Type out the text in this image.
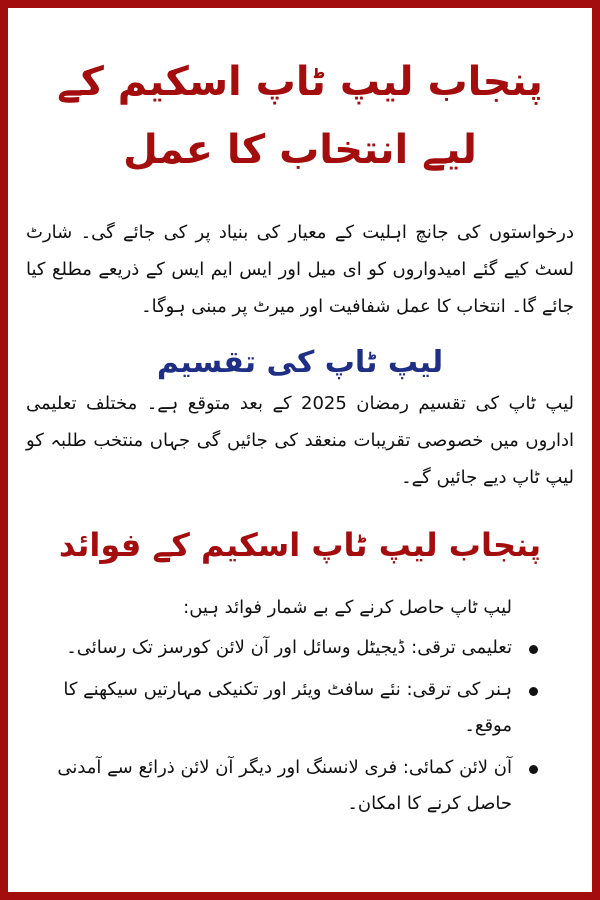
پنجاب لیپ ٹاپ اسکیم کے لیے انتخاب کا عمل

درخواستوں کی جانچ اہلیت کے معیار کی بنیاد پر کی جائے گی۔ شارٹ لسٹ کیے گئے امیدواروں کو ای میل اور ایس ایم ایس کے ذریعے مطلع کیا جائے گا۔ انتخاب کا عمل شفافیت اور میرٹ پر مبنی ہوگا۔

لیپ ٹاپ کی تقسیم

لیپ ٹاپ کی تقسیم رمضان 2025 کے بعد متوقع ہے۔ مختلف تعلیمی اداروں میں خصوصی تقریبات منعقد کی جائیں گی جہاں منتخب طلبہ کو لیپ ٹاپ دیے جائیں گے۔

پنجاب لیپ ٹاپ اسکیم کے فوائد

لیپ ٹاپ حاصل کرنے کے بے شمار فوائد ہیں:

تعلیمی ترقی: ڈیجیٹل وسائل اور آن لائن کورسز تک رسائی۔
ہنر کی ترقی: نئے سافٹ ویئر اور تکنیکی مہارتیں سیکھنے کا موقع۔
آن لائن کمائی: فری لانسنگ اور دیگر آن لائن ذرائع سے آمدنی حاصل کرنے کا امکان۔
